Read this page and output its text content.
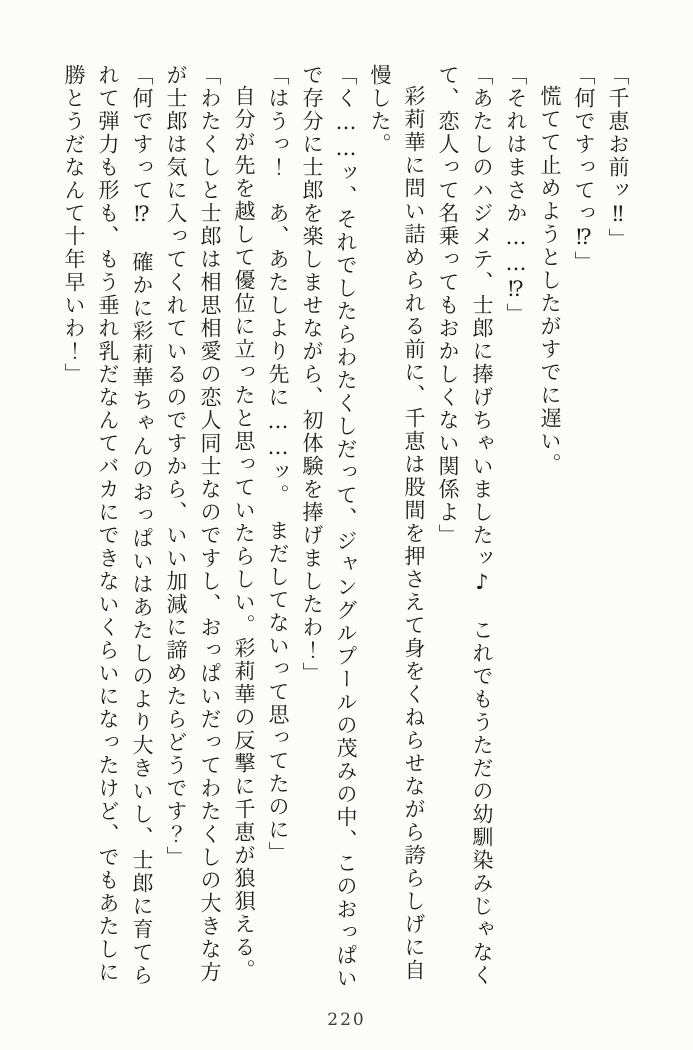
「千恵お前ッ‼」

「何ですってっ⁉」

慌てて止めようとしたがすでに遅い。

「それはまさか……⁉」

「あたしのハジメテ、士郎に捧げちゃいましたッ♪　これでもうただの幼馴染みじゃなくて、恋人って名乗ってもおかしくない関係よ」

彩莉華に問い詰められる前に、千恵は股間を押さえて身をくねらせながら誇らしげに自慢した。

「く……ッ、それでしたらわたくしだって、ジャングルプールの茂みの中、このおっぱいで存分に士郎を楽しませながら、初体験を捧げましたわ！」

「はうっ！　あ、あたしより先に……ッ。　まだしてないって思ってたのに」

自分が先を越して優位に立ったと思っていたらしい。彩莉華の反撃に千恵が狼狽える。

「わたくしと士郎は相思相愛の恋人同士なのですし、おっぱいだってわたくしの大きな方が士郎は気に入ってくれているのですから、いい加減に諦めたらどうです？」

「何ですって⁉　確かに彩莉華ちゃんのおっぱいはあたしのより大きいし、士郎に育てられて弾力も形も、もう垂れ乳だなんてバカにできないくらいになったけど、でもあたしに勝とうだなんて十年早いわ！」

220
